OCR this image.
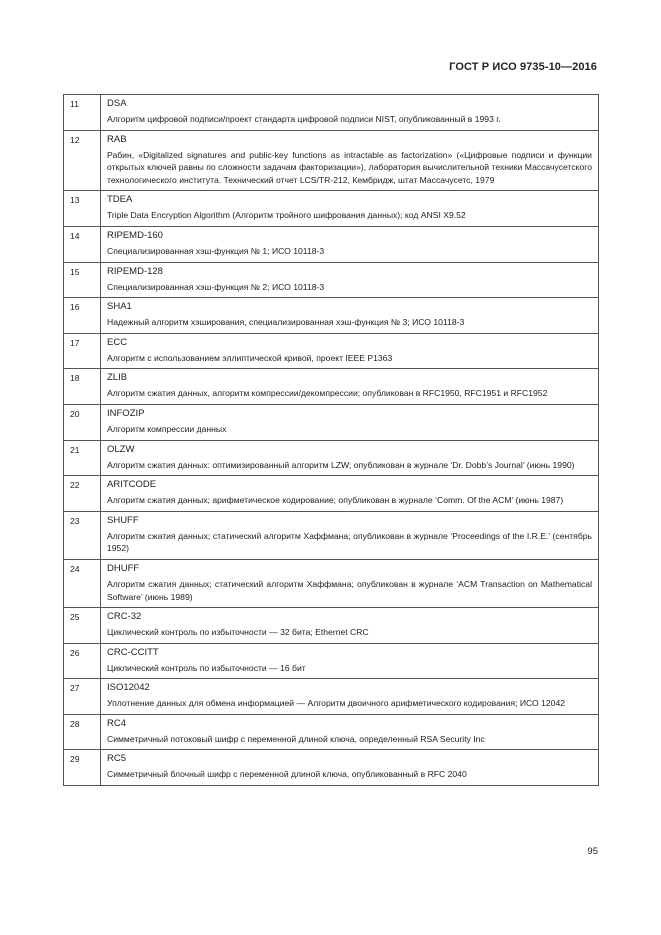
ГОСТ Р ИСО 9735-10—2016
11	DSA
Алгоритм цифровой подписи/проект стандарта цифровой подписи NIST, опубликованный в 1993 г.

12	RAB
Рабин, «Digitalized signatures and public-key functions as intractable as factorization» («Цифровые подписи и функции открытых ключей равны по сложности задачам факторизации»), лаборатория вычислительной техники Массачусетского технологического института. Технический отчет LCS/TR-212, Кембридж, штат Массачусетс, 1979

13	TDEA
Triple Data Encryption Algorithm (Алгоритм тройного шифрования данных); код ANSI X9.52

14	RIPEMD-160
Специализированная хэш-функция № 1; ИСО 10118-3

15	RIPEMD-128
Специализированная хэш-функция № 2; ИСО 10118-3

16	SHA1
Надежный алгоритм хэширования, специализированная хэш-функция № 3; ИСО 10118-3

17	ECC
Алгоритм с использованием эллиптической кривой, проект IEEE P1363

18	ZLIB
Алгоритм сжатия данных, алгоритм компрессии/декомпрессии; опубликован в RFC1950, RFC1951 и RFC1952

20	INFOZIP
Алгоритм компрессии данных

21	OLZW
Алгоритм сжатия данных: оптимизированный алгоритм LZW; опубликован в журнале ‘Dr. Dobb’s Journal’ (июнь 1990)

22	ARITCODE
Алгоритм сжатия данных; арифметическое кодирование; опубликован в журнале ‘Comm. Of the ACM’ (июнь 1987)

23	SHUFF
Алгоритм сжатия данных; статический алгоритм Хаффмана; опубликован в журнале ‘Proceedings of the I.R.E.’ (сентябрь 1952)

24	DHUFF
Алгоритм сжатия данных; статический алгоритм Хаффмана; опубликован в журнале ‘ACM Transaction on Mathematical Software’ (июнь 1989)

25	CRC-32
Циклический контроль по избыточности — 32 бита; Ethernet CRC

26	CRC-CCITT
Циклический контроль по избыточности — 16 бит

27	ISO12042
Уплотнение данных для обмена информацией — Алгоритм двоичного арифметического кодирования; ИСО 12042

28	RC4
Симметричный потоковый шифр с переменной длиной ключа, определенный RSA Security Inc

29	RC5
Симметричный блочный шифр с переменной длиной ключа, опубликованный в RFC 2040
95
